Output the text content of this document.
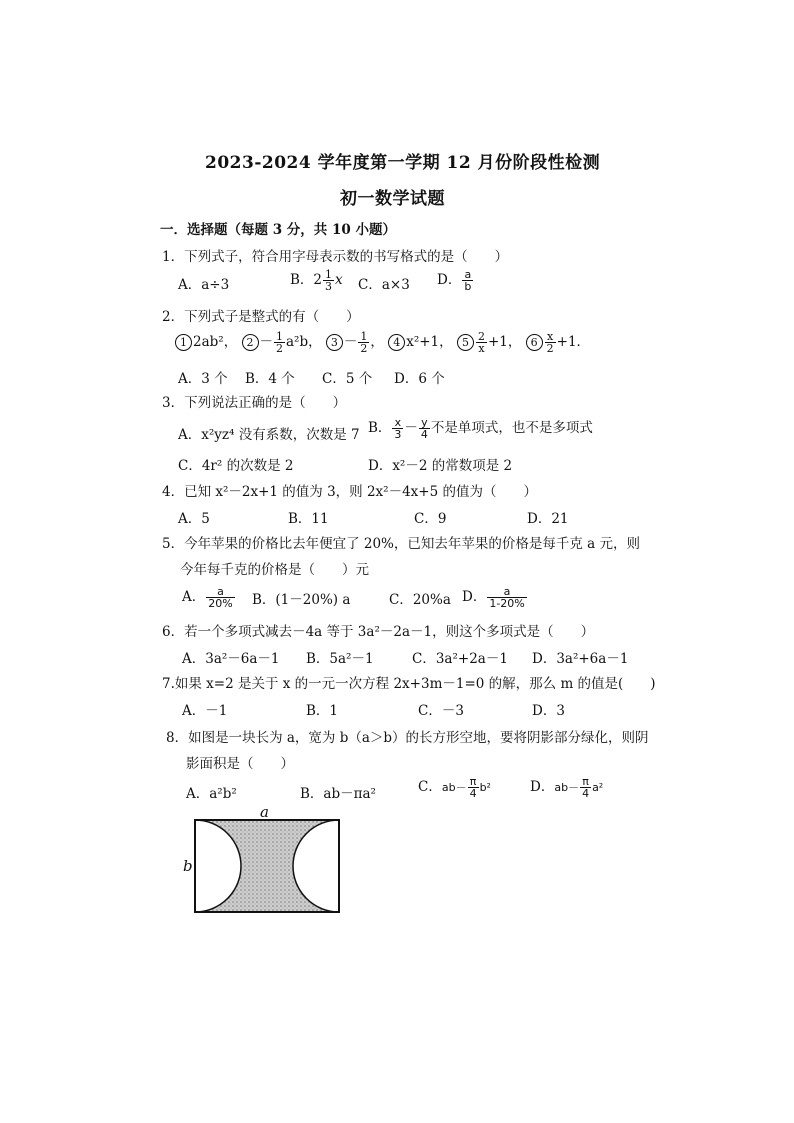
2023-2024 学年度第一学期 12 月份阶段性检测
初一数学试题
一．选择题（每题 3 分，共 10 小题）
1．下列式子，符合用字母表示数的书写格式的是（　　）
A．a÷3	B．$2 \frac{1}{3}$ x C．a×3 D． $\frac{a}{b}$
2．下列式子是整式的有（　　）
1 2ab²， $2 - \frac{1}{2} a^2b$， $3 - \frac{1}{2}$ ， 4 x²+1， $5 \frac{2}{x} +1$， $6 \frac{x}{2} +1$．
A．3 个 B．4 个 C．5 个 D．6 个
3．下列说法正确的是（　　）
A．x²yz⁴ 没有系数，次数是 7 B． $\frac{x}{3} - \frac{y}{4}$ 不是单项式，也不是多项式
C．4r² 的次数是 2	D．x²－2 的常数项是 2
4．已知 x²－2x+1 的值为 3，则 2x²－4x+5 的值为（　　）
A．5	B．11	C．9	D．21
5．今年苹果的价格比去年便宜了 20%，已知去年苹果的价格是每千克 a 元，则
今年每千克的价格是（　　）元
A． $\frac{a}{20\%}$ B．(1－20%) a	C．20%a D． $\frac{a}{1-20\%}$
6．若一个多项式减去－4a 等于 3a²－2a－1，则这个多项式是（　　）
A．3a²－6a－1 B．5a²－1	C．3a²+2a－1 D．3a²+6a－1
7.如果 x=2 是关于 x 的一元一次方程 2x+3m－1=0 的解，那么 m 的值是(　　)
A．－1	B．1	C．－3	D．3
8．如图是一块长为 a，宽为 b（a＞b）的长方形空地，要将阴影部分绿化，则阴
影面积是（　　）
A．a²b²	B．ab－πa²	C．$ab- \frac{\pi}{4} b^2$	D．$ab- \frac{\pi}{4} a^2$
a
b
